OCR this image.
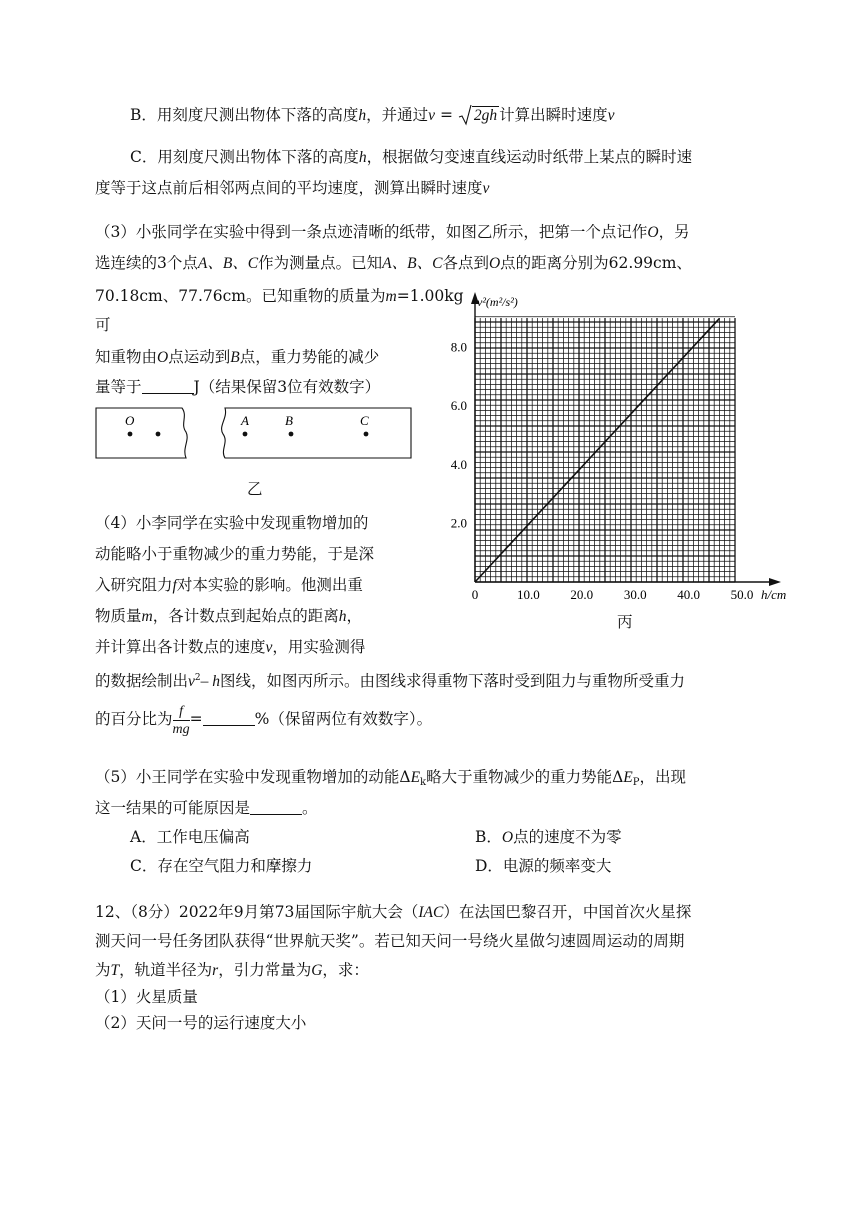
B．用刻度尺测出物体下落的高度h，并通过v = 2gh 计算出瞬时速度v
C．用刻度尺测出物体下落的高度h，根据做匀变速直线运动时纸带上某点的瞬时速
度等于这点前后相邻两点间的平均速度，测算出瞬时速度v
（3）小张同学在实验中得到一条点迹清晰的纸带，如图乙所示，把第一个点记作O，另
选连续的3个点A、B、C作为测量点。已知A、B、C各点到O点的距离分别为62.99cm、
70.18cm、77.76cm。已知重物的质量为m=1.00kg
可
知重物由O点运动到B点，重力势能的减少
量等于	J（结果保留3位有效数字）
O	A	B	C
乙
0	10.0 20.0 30.0 40.0 50.0
2.0
4.0
6.0
8.0
h/cm
v²(m²/s²)
丙
（4）小李同学在实验中发现重物增加的
动能略小于重物减少的重力势能，于是深
入研究阻力f对本实验的影响。他测出重
物质量m，各计数点到起始点的距离h，
并计算出各计数点的速度v，用实验测得
的数据绘制出$v^2-$ h图线，如图丙所示。由图线求得重物下落时受到阻力与重物所受重力
的百分比为 $\frac{f}{mg}$ =	%（保留两位有效数字）。
（5）小王同学在实验中发现重物增加的动能$\Delta E_k$略大于重物减少的重力势能$\Delta E_P$，出现
这一结果的可能原因是	。
A．工作电压偏高	B．O点的速度不为零
C．存在空气阻力和摩擦力	D．电源的频率变大
12、（8分）2022年9月第73届国际宇航大会（IAC）在法国巴黎召开，中国首次火星探
测天问一号任务团队获得“世界航天奖”。若已知天问一号绕火星做匀速圆周运动的周期
为T，轨道半径为r，引力常量为G，求：
（1）火星质量
（2）天问一号的运行速度大小
